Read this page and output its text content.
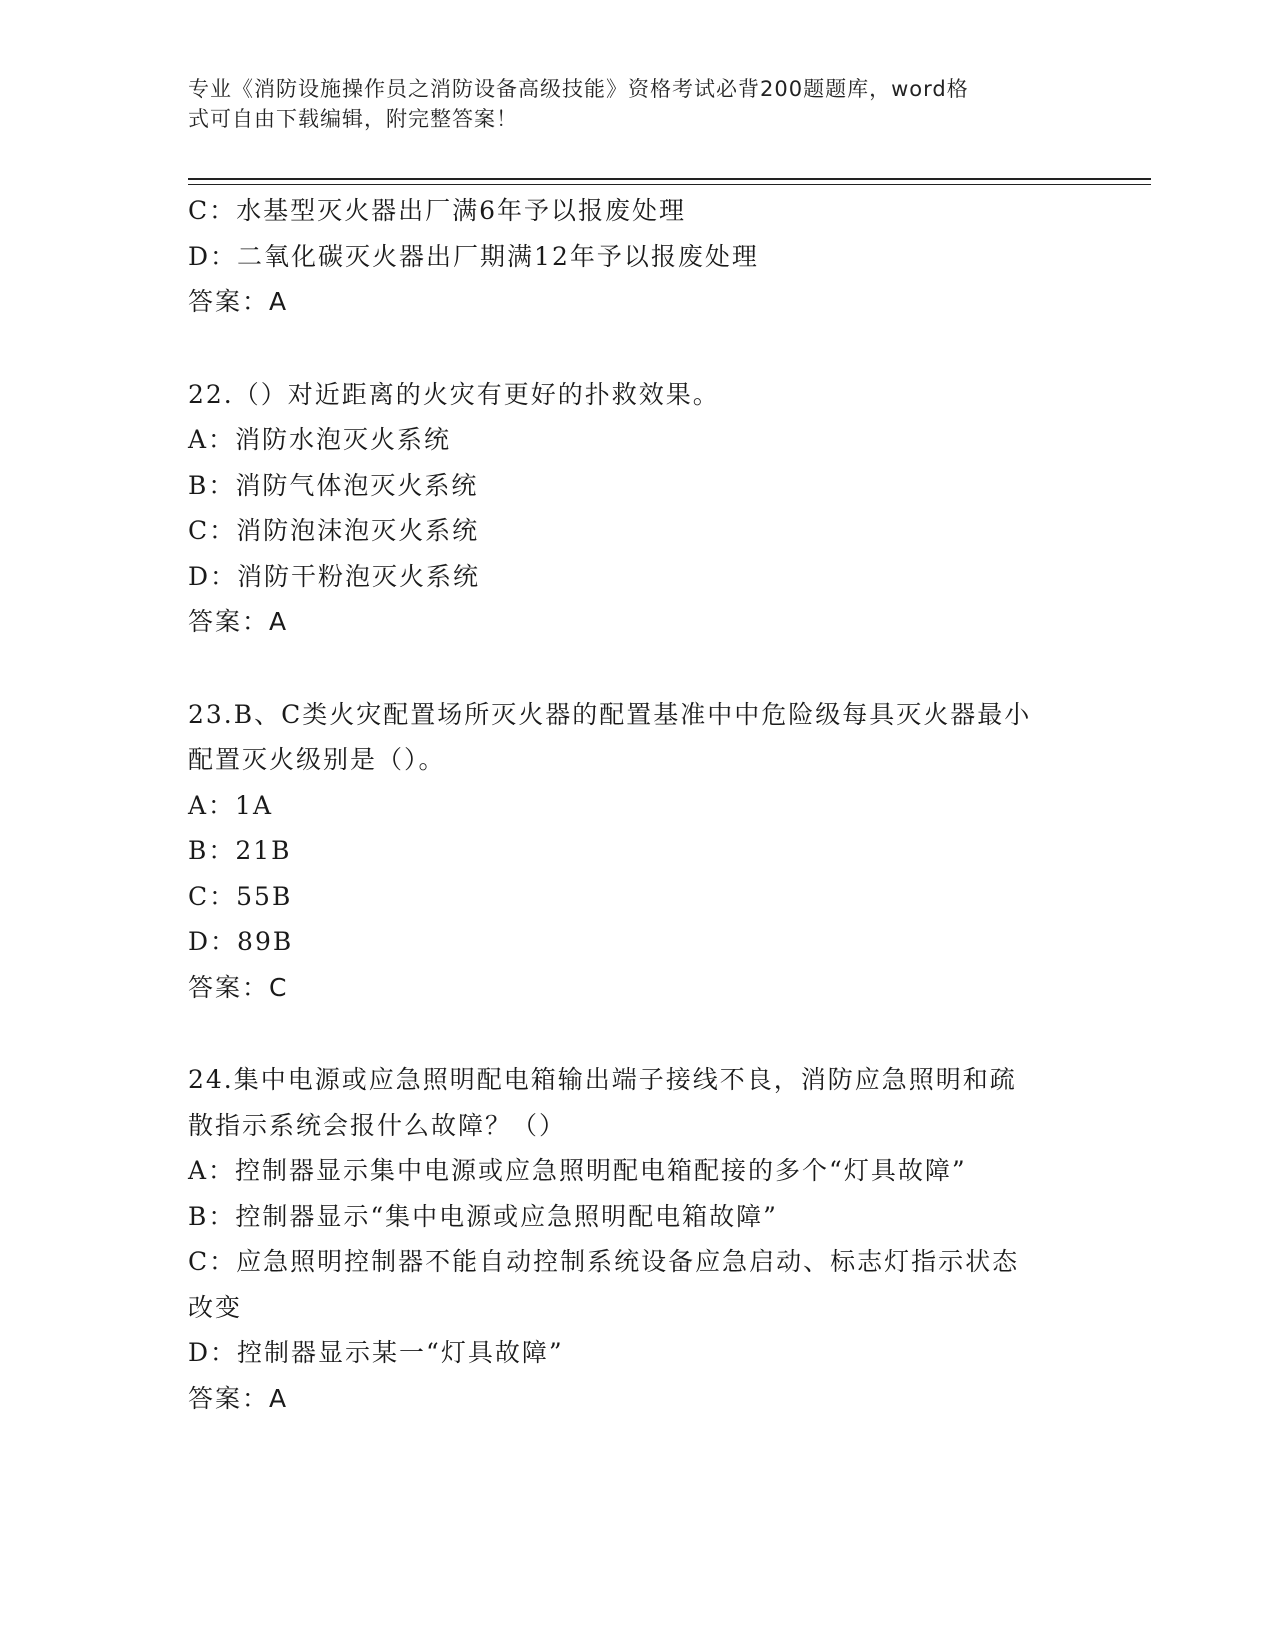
专业《消防设施操作员之消防设备高级技能》资格考试必背200题题库，word格
式可自由下载编辑，附完整答案！
C：水基型灭火器出厂满6年予以报废处理
D：二氧化碳灭火器出厂期满12年予以报废处理
答案：A
22.（）对近距离的火灾有更好的扑救效果。
A：消防水泡灭火系统
B：消防气体泡灭火系统
C：消防泡沫泡灭火系统
D：消防干粉泡灭火系统
答案：A
23.B、C类火灾配置场所灭火器的配置基准中中危险级每具灭火器最小
配置灭火级别是（）。
A：1A
B：21B
C：55B
D：89B
答案：C
24.集中电源或应急照明配电箱输出端子接线不良，消防应急照明和疏
散指示系统会报什么故障？（）
A：控制器显示集中电源或应急照明配电箱配接的多个“灯具故障”
B：控制器显示“集中电源或应急照明配电箱故障”
C：应急照明控制器不能自动控制系统设备应急启动、标志灯指示状态
改变
D：控制器显示某一“灯具故障”
答案：A
